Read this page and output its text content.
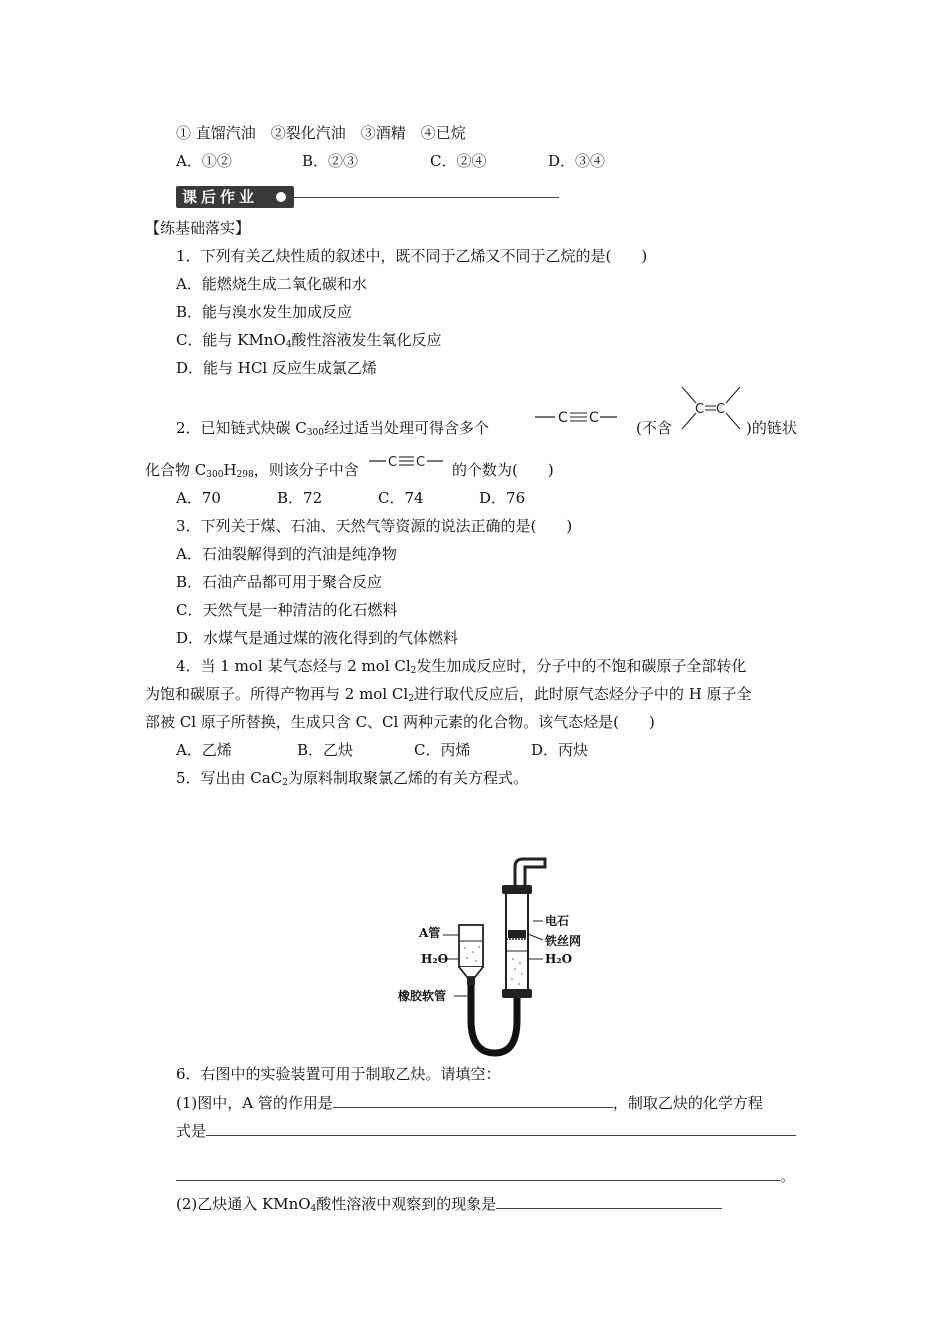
① 直馏汽油　②裂化汽油　③酒精　④已烷
A．①②	B．②③	C．②④	D．③④
课后作业
【练基础落实】
1．下列有关乙炔性质的叙述中，既不同于乙烯又不同于乙烷的是(　　)
A．能燃烧生成二氧化碳和水
B．能与溴水发生加成反应
C．能与 KMnO$_4$酸性溶液发生氧化反应
D．能与 HCl 反应生成氯乙烯
2．已知链式炔碳 $C_{300}$经过适当处理可得含多个
C C
(不含
C C
)的链状
化合物 $C_{300}H_{298}$，则该分子中含 C C 的个数为(　　)
A．70	B．72	C．74	D．76
3．下列关于煤、石油、天然气等资源的说法正确的是(　　)
A．石油裂解得到的汽油是纯净物
B．石油产品都可用于聚合反应
C．天然气是一种清洁的化石燃料
D．水煤气是通过煤的液化得到的气体燃料
4．当 1 mol 某气态烃与 2 mol $Cl_2$发生加成反应时，分子中的不饱和碳原子全部转化
为饱和碳原子。所得产物再与 2 mol $Cl_2$进行取代反应后，此时原气态烃分子中的 H 原子全
部被 Cl 原子所替换，生成只含 C、Cl 两种元素的化合物。该气态烃是(　　)
A．乙烯	B．乙炔	C．丙烯	D．丙炔
5．写出由 CaC$_2$为原料制取聚氯乙烯的有关方程式。
A管
H₂O
橡胶软管
电石
铁丝网
H₂O
6．右图中的实验装置可用于制取乙炔。请填空：
(1)图中，A 管的作用是	，制取乙炔的化学方程
式是
。
(2)乙炔通入 KMnO$_4$酸性溶液中观察到的现象是
